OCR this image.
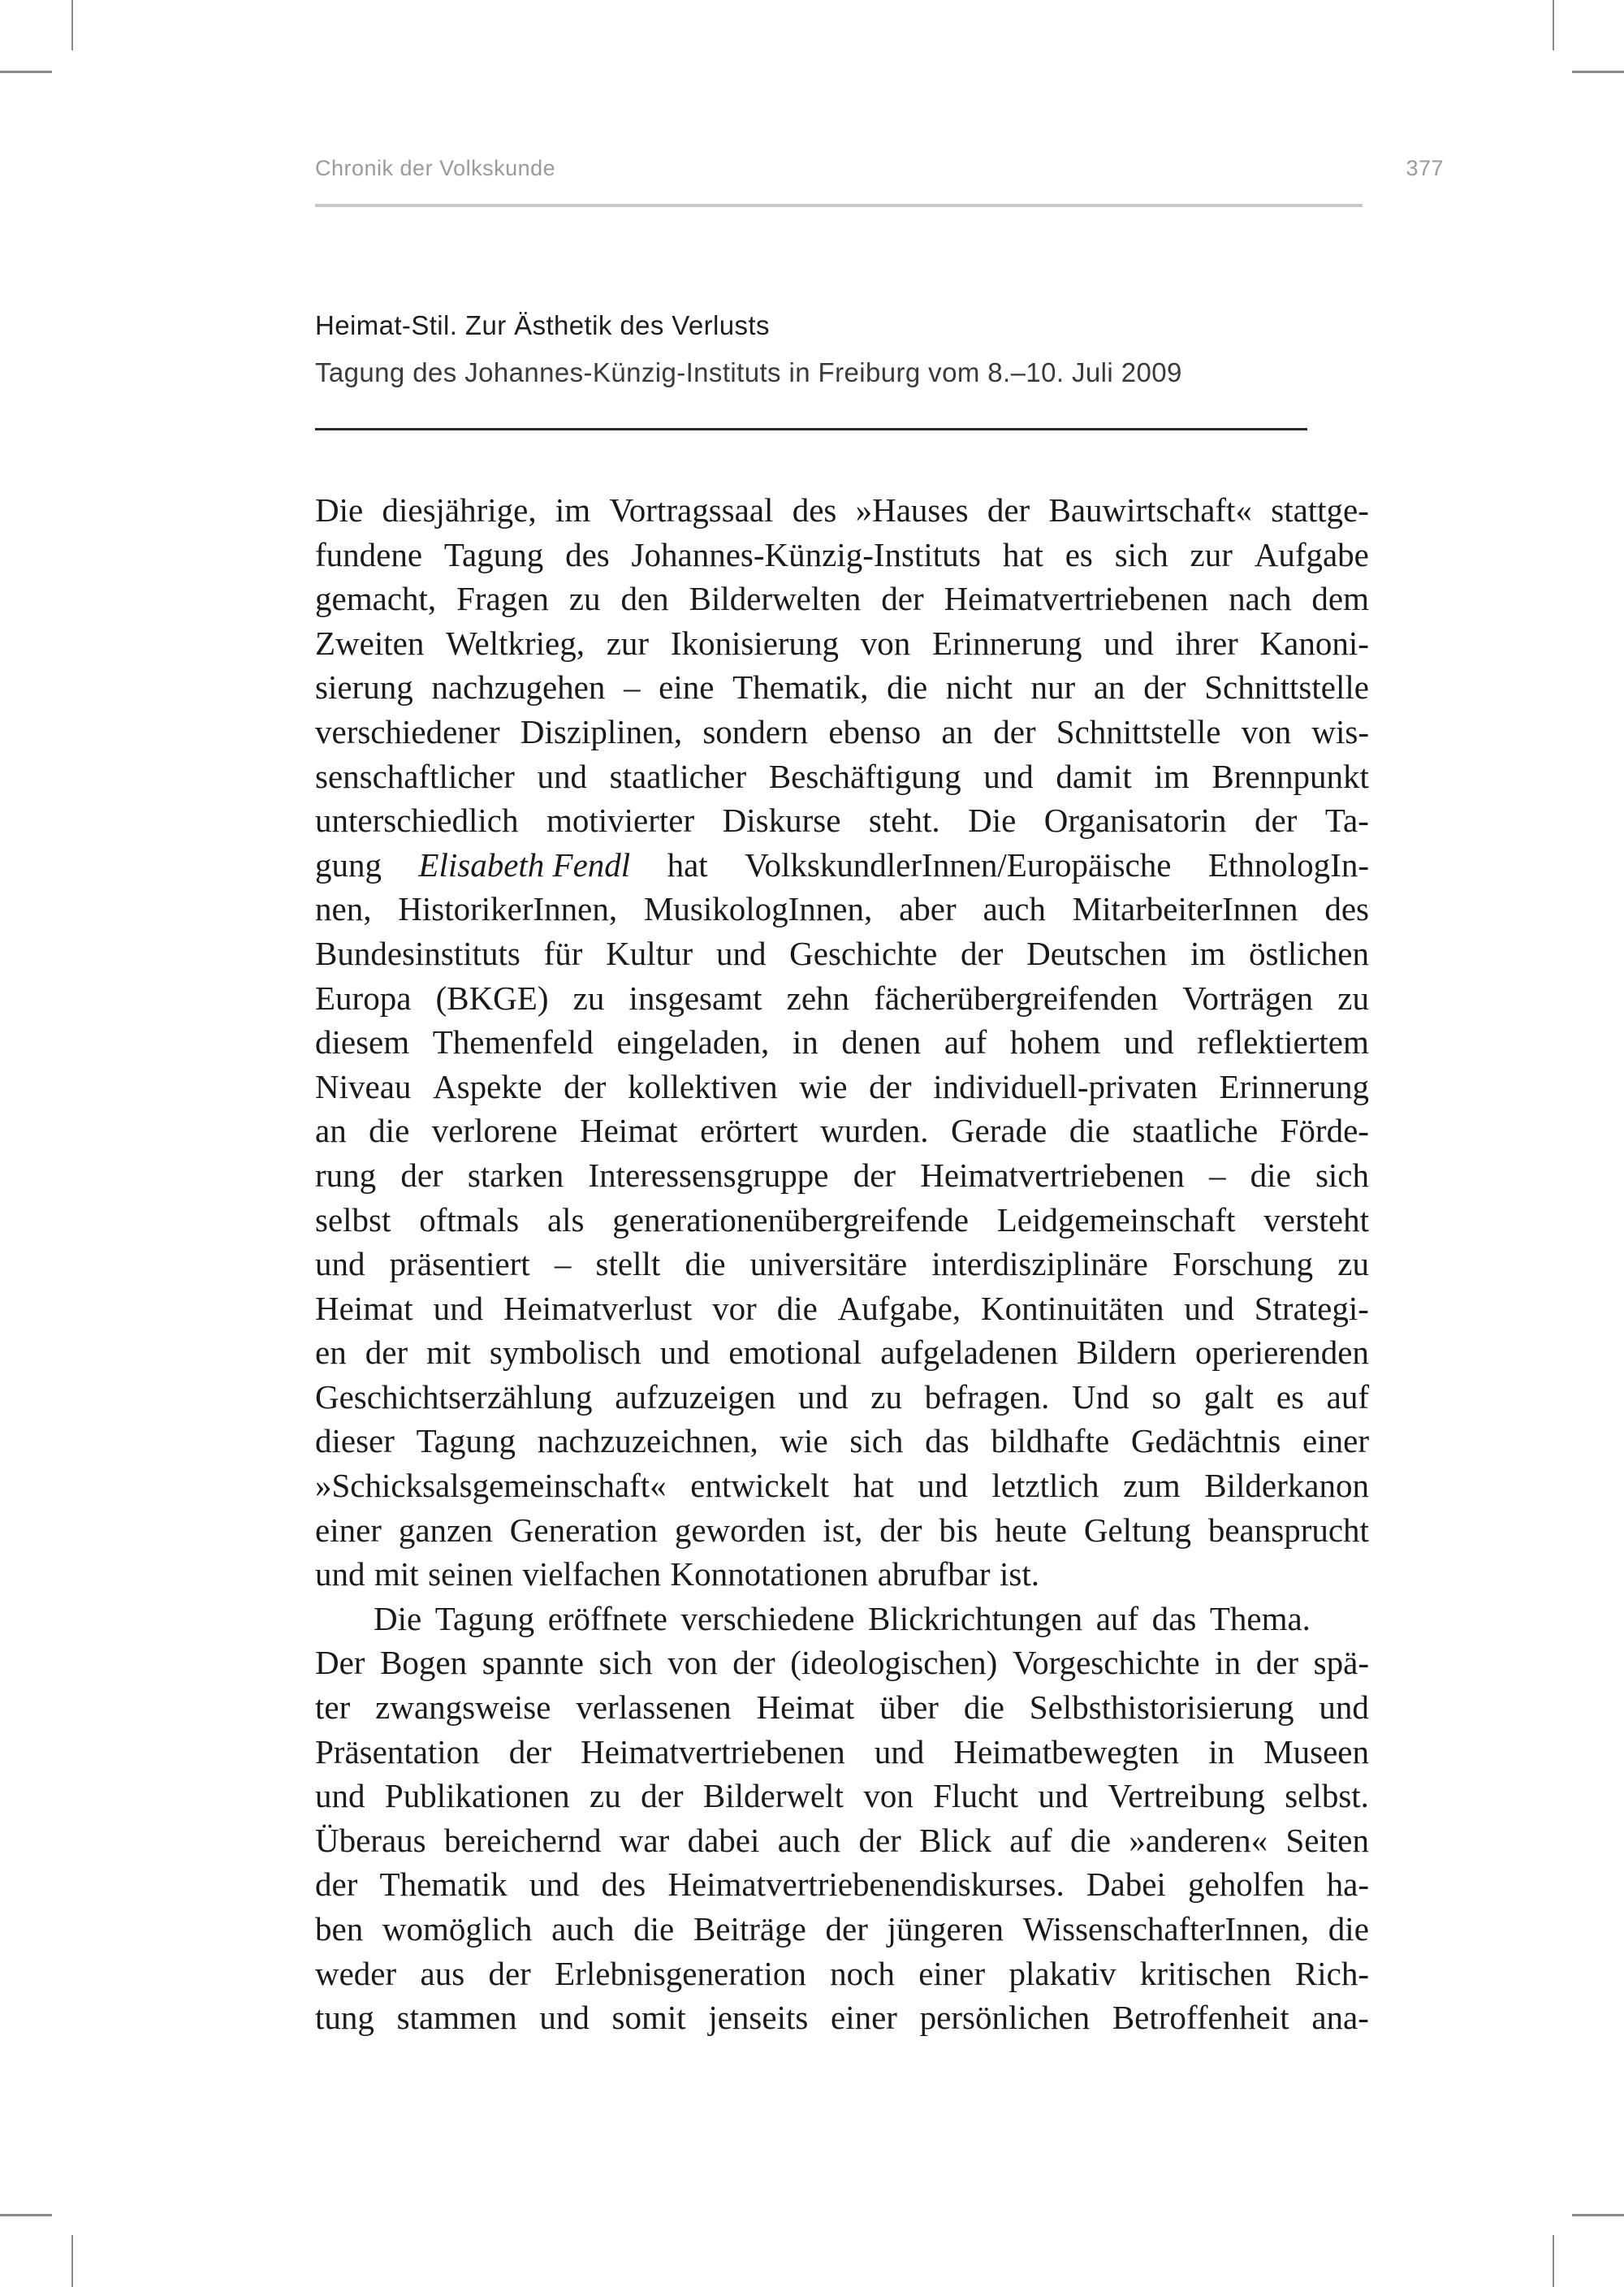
Chronik der Volkskunde	377
Heimat-Stil. Zur Ästhetik des Verlusts
Tagung des Johannes-Künzig-Instituts in Freiburg vom 8.–10. Juli 2009
Die diesjährige, im Vortragssaal des »Hauses der Bauwirtschaft« stattge-
fundene Tagung des Johannes-Künzig-Instituts hat es sich zur Aufgabe
gemacht, Fragen zu den Bilderwelten der Heimatvertriebenen nach dem
Zweiten Weltkrieg, zur Ikonisierung von Erinnerung und ihrer Kanoni-
sierung nachzugehen – eine Thematik, die nicht nur an der Schnittstelle
verschiedener Disziplinen, sondern ebenso an der Schnittstelle von wis-
senschaftlicher und staatlicher Beschäftigung und damit im Brennpunkt
unterschiedlich motivierter Diskurse steht. Die Organisatorin der Ta-
gung Elisabeth Fendl hat VolkskundlerInnen/Europäische EthnologIn-
nen, HistorikerInnen, MusikologInnen, aber auch MitarbeiterInnen des
Bundesinstituts für Kultur und Geschichte der Deutschen im östlichen
Europa (BKGE) zu insgesamt zehn fächerübergreifenden Vorträgen zu
diesem Themenfeld eingeladen, in denen auf hohem und reflektiertem
Niveau Aspekte der kollektiven wie der individuell-privaten Erinnerung
an die verlorene Heimat erörtert wurden. Gerade die staatliche Förde-
rung der starken Interessensgruppe der Heimatvertriebenen – die sich
selbst oftmals als generationenübergreifende Leidgemeinschaft versteht
und präsentiert – stellt die universitäre interdisziplinäre Forschung zu
Heimat und Heimatverlust vor die Aufgabe, Kontinuitäten und Strategi-
en der mit symbolisch und emotional aufgeladenen Bildern operierenden
Geschichtserzählung aufzuzeigen und zu befragen. Und so galt es auf
dieser Tagung nachzuzeichnen, wie sich das bildhafte Gedächtnis einer
»Schicksalsgemeinschaft« entwickelt hat und letztlich zum Bilderkanon
einer ganzen Generation geworden ist, der bis heute Geltung beansprucht
und mit seinen vielfachen Konnotationen abrufbar ist.
Die Tagung eröffnete verschiedene Blickrichtungen auf das Thema.
Der Bogen spannte sich von der (ideologischen) Vorgeschichte in der spä-
ter zwangsweise verlassenen Heimat über die Selbsthistorisierung und
Präsentation der Heimatvertriebenen und Heimatbewegten in Museen
und Publikationen zu der Bilderwelt von Flucht und Vertreibung selbst.
Überaus bereichernd war dabei auch der Blick auf die »anderen« Seiten
der Thematik und des Heimatvertriebenendiskurses. Dabei geholfen ha-
ben womöglich auch die Beiträge der jüngeren WissenschafterInnen, die
weder aus der Erlebnisgeneration noch einer plakativ kritischen Rich-
tung stammen und somit jenseits einer persönlichen Betroffenheit ana-
